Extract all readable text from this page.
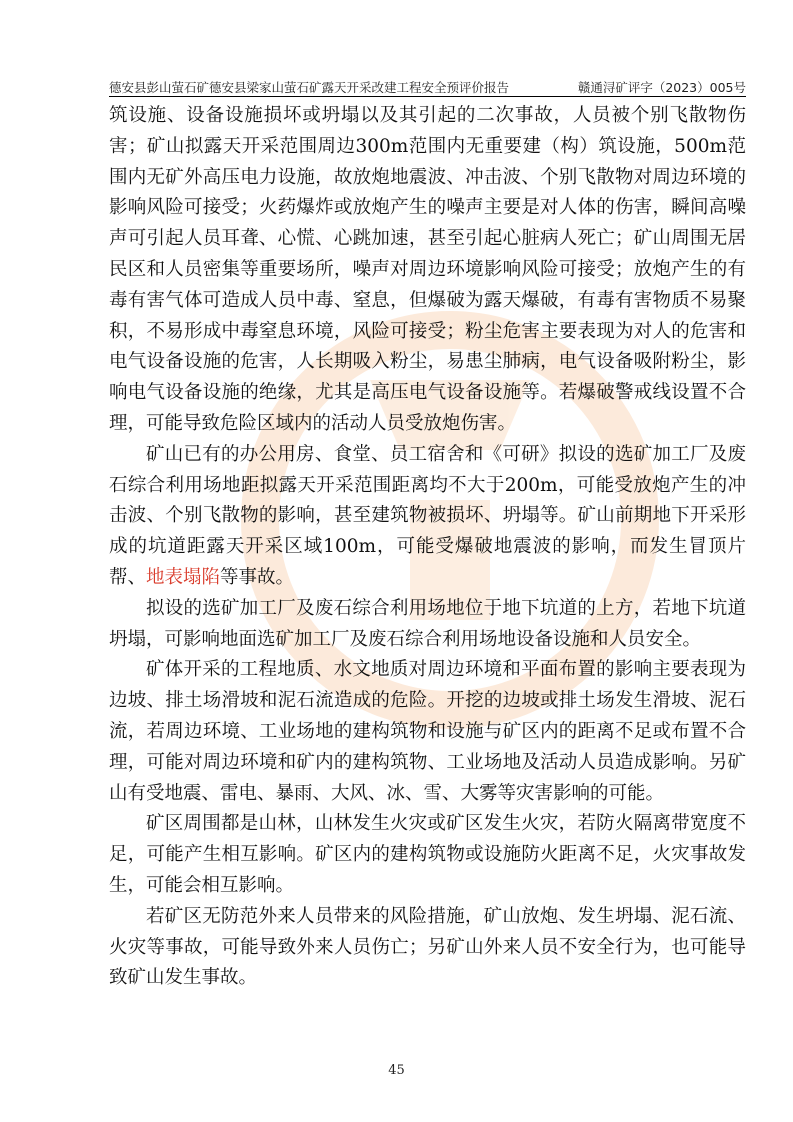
德安县彭山萤石矿德安县梁家山萤石矿露天开采改建工程安全预评价报告	赣通浔矿评字（2023）005号

筑设施、设备设施损坏或坍塌以及其引起的二次事故，人员被个别飞散物伤害；矿山拟露天开采范围周边300m范围内无重要建（构）筑设施，500m范围内无矿外高压电力设施，故放炮地震波、冲击波、个别飞散物对周边环境的影响风险可接受；火药爆炸或放炮产生的噪声主要是对人体的伤害，瞬间高噪声可引起人员耳聋、心慌、心跳加速，甚至引起心脏病人死亡；矿山周围无居民区和人员密集等重要场所，噪声对周边环境影响风险可接受；放炮产生的有毒有害气体可造成人员中毒、窒息，但爆破为露天爆破，有毒有害物质不易聚积，不易形成中毒窒息环境，风险可接受；粉尘危害主要表现为对人的危害和电气设备设施的危害，人长期吸入粉尘，易患尘肺病，电气设备吸附粉尘，影响电气设备设施的绝缘，尤其是高压电气设备设施等。若爆破警戒线设置不合理，可能导致危险区域内的活动人员受放炮伤害。

矿山已有的办公用房、食堂、员工宿舍和《可研》拟设的选矿加工厂及废石综合利用场地距拟露天开采范围距离均不大于200m，可能受放炮产生的冲击波、个别飞散物的影响，甚至建筑物被损坏、坍塌等。矿山前期地下开采形成的坑道距露天开采区域100m，可能受爆破地震波的影响，而发生冒顶片帮、地表塌陷等事故。

拟设的选矿加工厂及废石综合利用场地位于地下坑道的上方，若地下坑道坍塌，可影响地面选矿加工厂及废石综合利用场地设备设施和人员安全。

矿体开采的工程地质、水文地质对周边环境和平面布置的影响主要表现为边坡、排土场滑坡和泥石流造成的危险。开挖的边坡或排土场发生滑坡、泥石流，若周边环境、工业场地的建构筑物和设施与矿区内的距离不足或布置不合理，可能对周边环境和矿内的建构筑物、工业场地及活动人员造成影响。另矿山有受地震、雷电、暴雨、大风、冰、雪、大雾等灾害影响的可能。

矿区周围都是山林，山林发生火灾或矿区发生火灾，若防火隔离带宽度不足，可能产生相互影响。矿区内的建构筑物或设施防火距离不足，火灾事故发生，可能会相互影响。

若矿区无防范外来人员带来的风险措施，矿山放炮、发生坍塌、泥石流、火灾等事故，可能导致外来人员伤亡；另矿山外来人员不安全行为，也可能导致矿山发生事故。

45
